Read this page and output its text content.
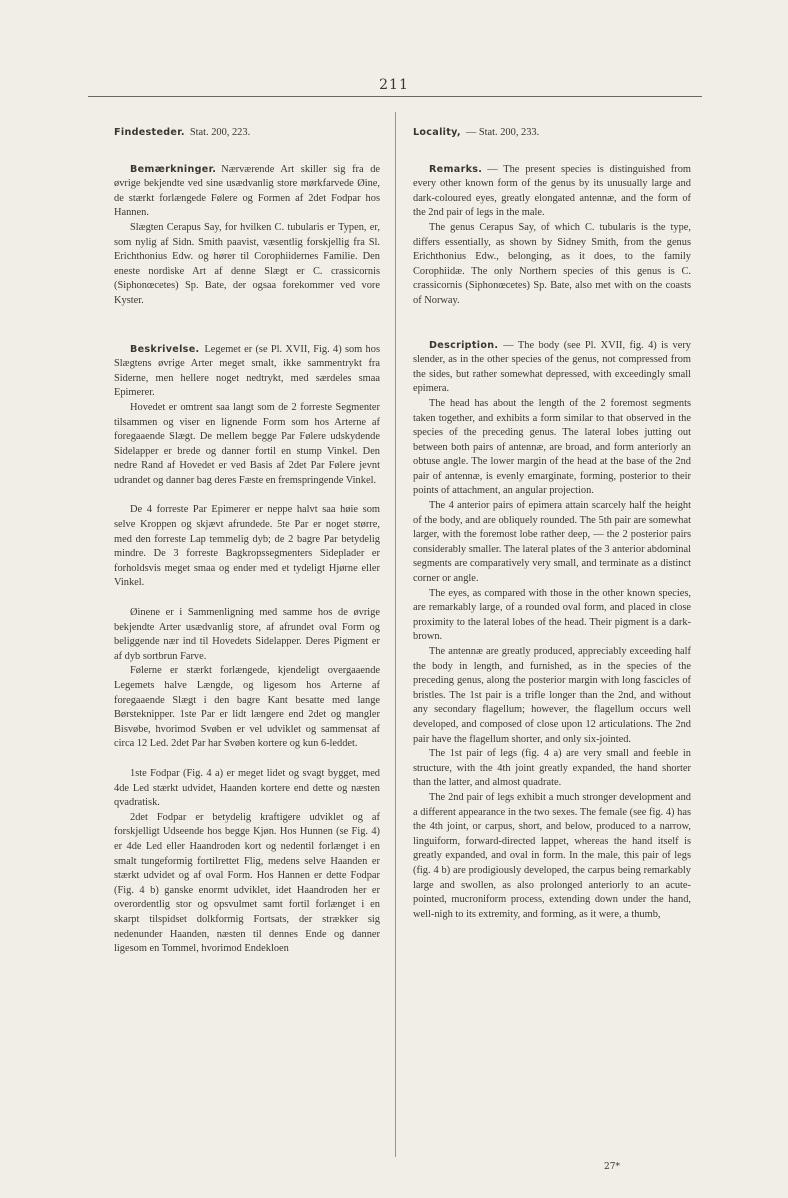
211

Findesteder. Stat. 200, 223.

Bemærkninger. Nærværende Art skiller sig fra de øvrige bekjendte ved sine usædvanlig store mørkfarvede Øine, de stærkt forlængede Følere og Formen af 2det Fodpar hos Hannen.

Slægten Cerapus Say, for hvilken C. tubularis er Typen, er, som nylig af Sidn. Smith paavist, væsentlig forskjellig fra Sl. Erichthonius Edw. og hører til Corophiidernes Familie. Den eneste nordiske Art af denne Slægt er C. crassicornis (Siphonœcetes) Sp. Bate, der ogsaa forekommer ved vore Kyster.

Beskrivelse. Legemet er (se Pl. XVII, Fig. 4) som hos Slægtens øvrige Arter meget smalt, ikke sammentrykt fra Siderne, men hellere noget nedtrykt, med særdeles smaa Epimerer.

Hovedet er omtrent saa langt som de 2 forreste Segmenter tilsammen og viser en lignende Form som hos Arterne af foregaaende Slægt. De mellem begge Par Følere udskydende Sidelapper er brede og danner fortil en stump Vinkel. Den nedre Rand af Hovedet er ved Basis af 2det Par Følere jevnt udrandet og danner bag deres Fæste en fremspringende Vinkel.

De 4 forreste Par Epimerer er neppe halvt saa høie som selve Kroppen og skjævt afrundede. 5te Par er noget større, med den forreste Lap temmelig dyb; de 2 bagre Par betydelig mindre. De 3 forreste Bagkropssegmenters Sideplader er forholdsvis meget smaa og ender med et tydeligt Hjørne eller Vinkel.

Øinene er i Sammenligning med samme hos de øvrige bekjendte Arter usædvanlig store, af afrundet oval Form og beliggende nær ind til Hovedets Sidelapper. Deres Pigment er af dyb sortbrun Farve.

Følerne er stærkt forlængede, kjendeligt overgaaende Legemets halve Længde, og ligesom hos Arterne af foregaaende Slægt i den bagre Kant besatte med lange Børsteknipper. 1ste Par er lidt længere end 2det og mangler Bisvøbe, hvorimod Svøben er vel udviklet og sammensat af circa 12 Led. 2det Par har Svøben kortere og kun 6-leddet.

1ste Fodpar (Fig. 4 a) er meget lidet og svagt bygget, med 4de Led stærkt udvidet, Haanden kortere end dette og næsten qvadratisk.

2det Fodpar er betydelig kraftigere udviklet og af forskjelligt Udseende hos begge Kjøn. Hos Hunnen (se Fig. 4) er 4de Led eller Haandroden kort og nedentil forlænget i en smalt tungeformig fortilrettet Flig, medens selve Haanden er stærkt udvidet og af oval Form. Hos Hannen er dette Fodpar (Fig. 4 b) ganske enormt udviklet, idet Haandroden her er overordentlig stor og opsvulmet samt fortil forlænget i en skarpt tilspidset dolkformig Fortsats, der strækker sig nedenunder Haanden, næsten til dennes Ende og danner ligesom en Tommel, hvorimod Endekloen

Locality, — Stat. 200, 233.

Remarks. — The present species is distinguished from every other known form of the genus by its unusually large and dark-coloured eyes, greatly elongated antennæ, and the form of the 2nd pair of legs in the male.

The genus Cerapus Say, of which C. tubularis is the type, differs essentially, as shown by Sidney Smith, from the genus Erichthonius Edw., belonging, as it does, to the family Corophiidæ. The only Northern species of this genus is C. crassicornis (Siphonœcetes) Sp. Bate, also met with on the coasts of Norway.

Description. — The body (see Pl. XVII, fig. 4) is very slender, as in the other species of the genus, not compressed from the sides, but rather somewhat depressed, with exceedingly small epimera.

The head has about the length of the 2 foremost segments taken together, and exhibits a form similar to that observed in the species of the preceding genus. The lateral lobes jutting out between both pairs of antennæ, are broad, and form anteriorly an obtuse angle. The lower margin of the head at the base of the 2nd pair of antennæ, is evenly emarginate, forming, posterior to their points of attachment, an angular projection.

The 4 anterior pairs of epimera attain scarcely half the height of the body, and are obliquely rounded. The 5th pair are somewhat larger, with the foremost lobe rather deep, — the 2 posterior pairs considerably smaller. The lateral plates of the 3 anterior abdominal segments are comparatively very small, and terminate as a distinct corner or angle.

The eyes, as compared with those in the other known species, are remarkably large, of a rounded oval form, and placed in close proximity to the lateral lobes of the head. Their pigment is a dark-brown.

The antennæ are greatly produced, appreciably exceeding half the body in length, and furnished, as in the species of the preceding genus, along the posterior margin with long fascicles of bristles. The 1st pair is a trifle longer than the 2nd, and without any secondary flagellum; however, the flagellum occurs well developed, and composed of close upon 12 articulations. The 2nd pair have the flagellum shorter, and only six-jointed.

The 1st pair of legs (fig. 4 a) are very small and feeble in structure, with the 4th joint greatly expanded, the hand shorter than the latter, and almost quadrate.

The 2nd pair of legs exhibit a much stronger development and a different appearance in the two sexes. The female (see fig. 4) has the 4th joint, or carpus, short, and below, produced to a narrow, linguiform, forward-directed lappet, whereas the hand itself is greatly expanded, and oval in form. In the male, this pair of legs (fig. 4 b) are prodigiously developed, the carpus being remarkably large and swollen, as also prolonged anteriorly to an acute-pointed, mucroniform process, extending down under the hand, well-nigh to its extremity, and forming, as it were, a thumb,

27*
